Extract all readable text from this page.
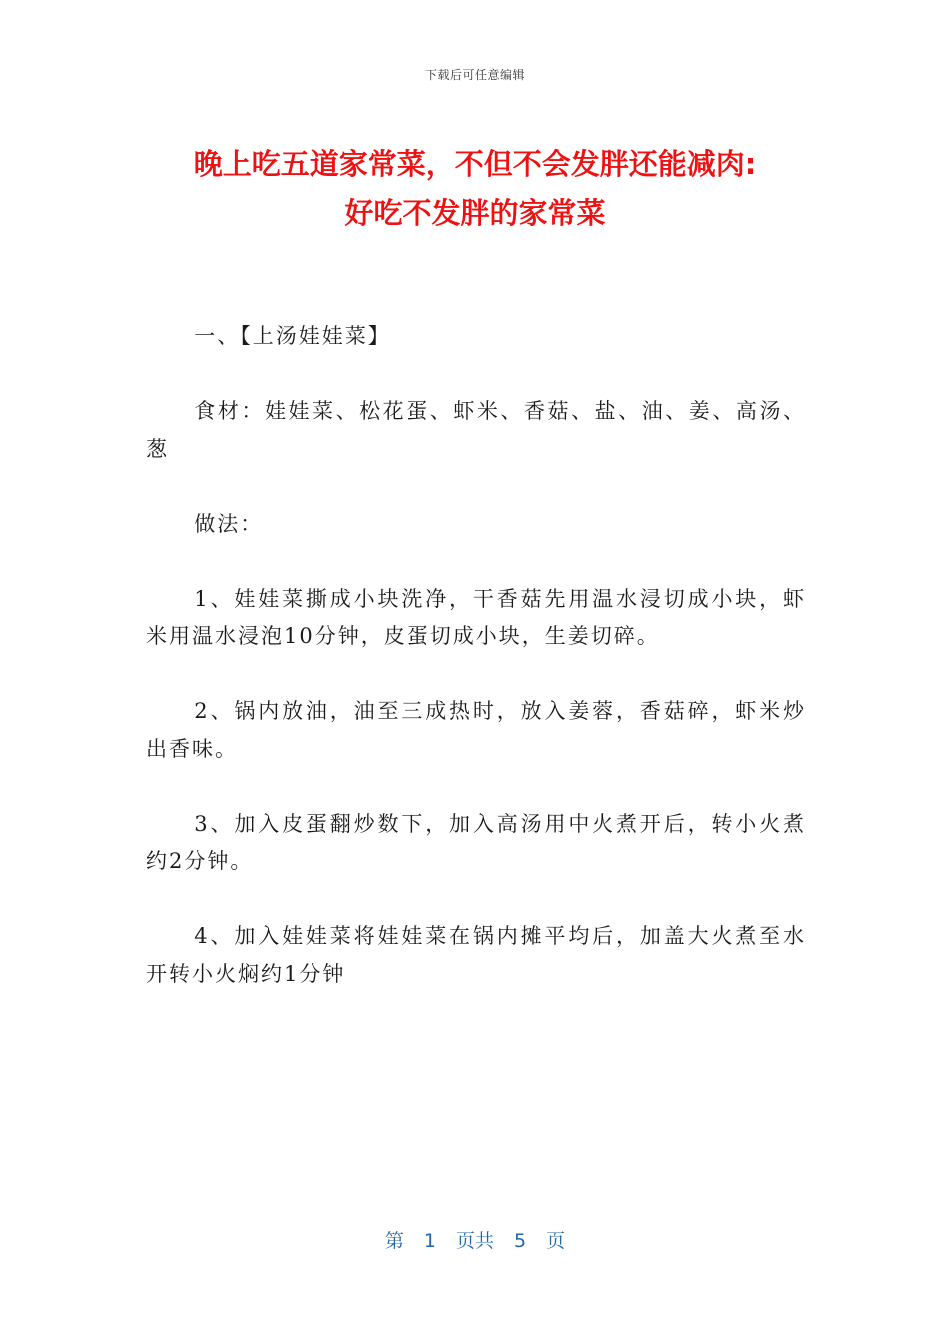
下载后可任意编辑
晚上吃五道家常菜，不但不会发胖还能减肉:
好吃不发胖的家常菜

一、【上汤娃娃菜】

食材：娃娃菜、松花蛋、虾米、香菇、盐、油、姜、高汤、葱

做法：

1、娃娃菜撕成小块洗净，干香菇先用温水浸切成小块，虾米用温水浸泡10分钟，皮蛋切成小块，生姜切碎。

2、锅内放油，油至三成热时，放入姜蓉，香菇碎，虾米炒出香味。

3、加入皮蛋翻炒数下，加入高汤用中火煮开后，转小火煮约2分钟。

4、加入娃娃菜将娃娃菜在锅内摊平均后，加盖大火煮至水开转小火焖约1分钟

第 1 页共 5 页
